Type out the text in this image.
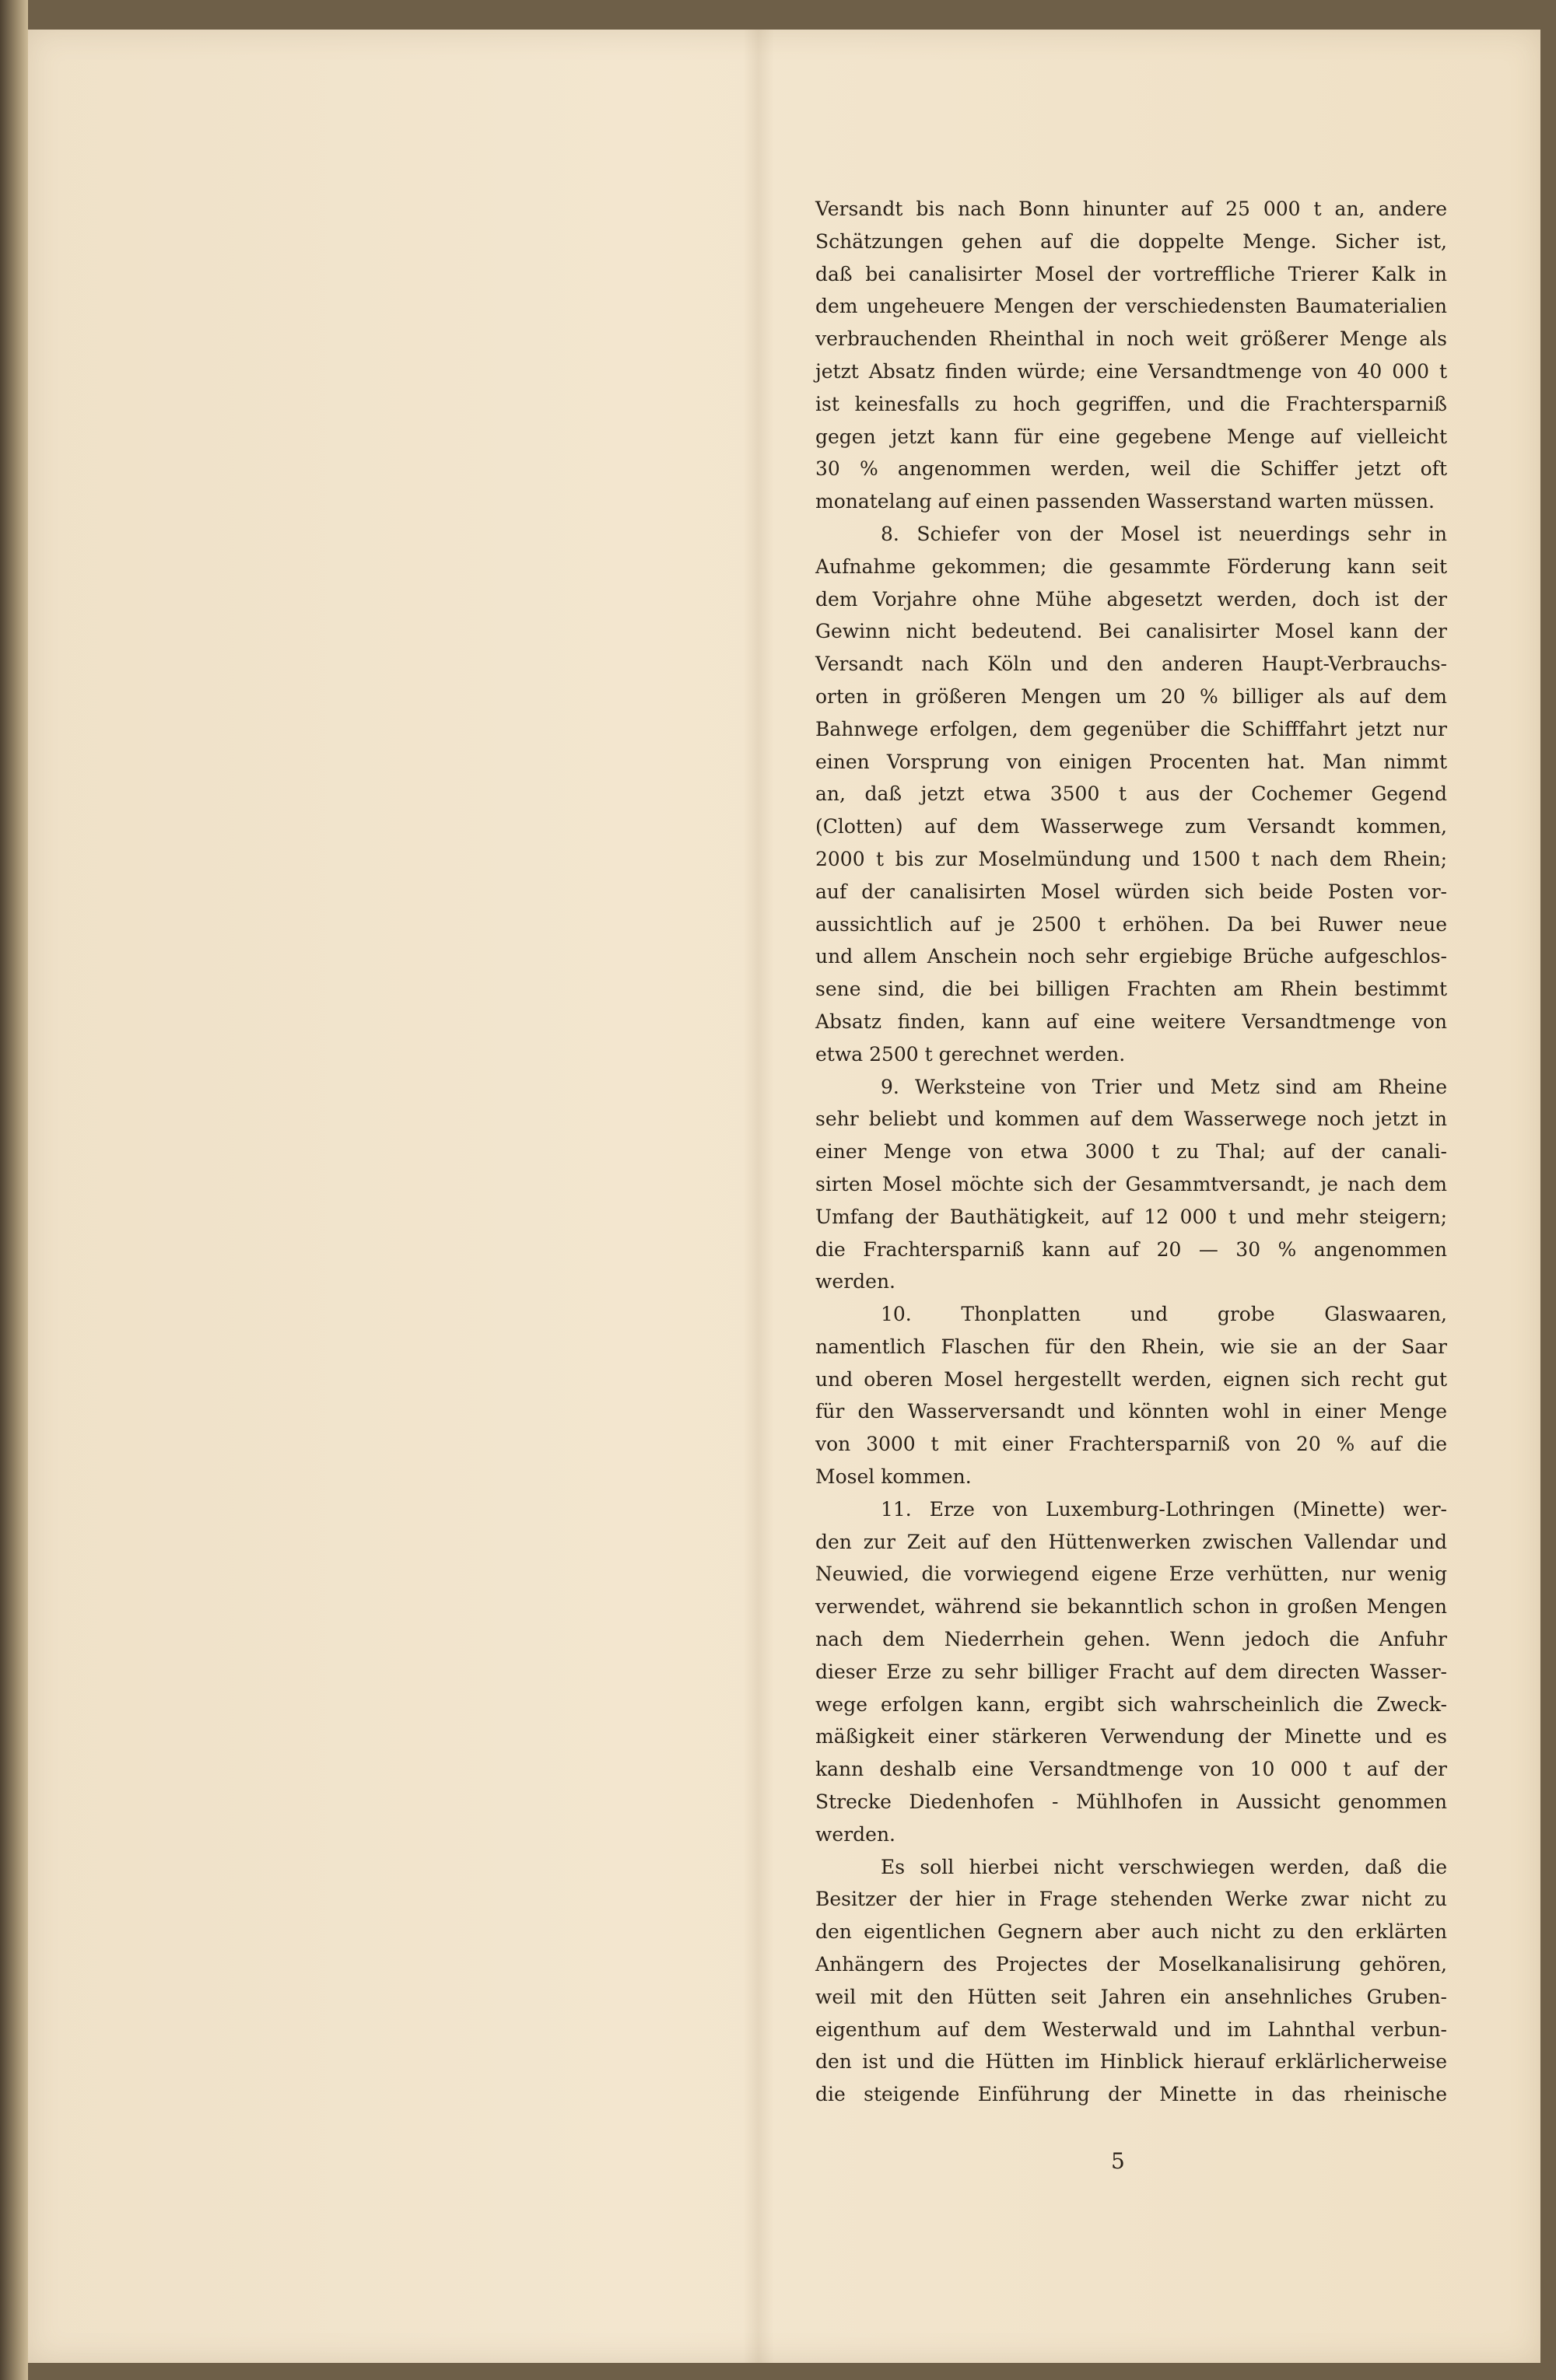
Versandt bis nach Bonn hinunter auf 25 000 t an, andere
Schätzungen gehen auf die doppelte Menge. Sicher ist,
daß bei canalisirter Mosel der vortreffliche Trierer Kalk in
dem ungeheuere Mengen der verschiedensten Baumaterialien
verbrauchenden Rheinthal in noch weit größerer Menge als
jetzt Absatz finden würde; eine Versandtmenge von 40 000 t
ist keinesfalls zu hoch gegriffen, und die Frachtersparniß
gegen jetzt kann für eine gegebene Menge auf vielleicht
30 % angenommen werden, weil die Schiffer jetzt oft
monatelang auf einen passenden Wasserstand warten müssen.
8. Schiefer von der Mosel ist neuerdings sehr in
Aufnahme gekommen; die gesammte Förderung kann seit
dem Vorjahre ohne Mühe abgesetzt werden, doch ist der
Gewinn nicht bedeutend. Bei canalisirter Mosel kann der
Versandt nach Köln und den anderen Haupt-Verbrauchs-
orten in größeren Mengen um 20 % billiger als auf dem
Bahnwege erfolgen, dem gegenüber die Schifffahrt jetzt nur
einen Vorsprung von einigen Procenten hat. Man nimmt
an, daß jetzt etwa 3500 t aus der Cochemer Gegend
(Clotten) auf dem Wasserwege zum Versandt kommen,
2000 t bis zur Moselmündung und 1500 t nach dem Rhein;
auf der canalisirten Mosel würden sich beide Posten vor-
aussichtlich auf je 2500 t erhöhen. Da bei Ruwer neue
und allem Anschein noch sehr ergiebige Brüche aufgeschlos-
sene sind, die bei billigen Frachten am Rhein bestimmt
Absatz finden, kann auf eine weitere Versandtmenge von
etwa 2500 t gerechnet werden.
9. Werksteine von Trier und Metz sind am Rheine
sehr beliebt und kommen auf dem Wasserwege noch jetzt in
einer Menge von etwa 3000 t zu Thal; auf der canali-
sirten Mosel möchte sich der Gesammtversandt, je nach dem
Umfang der Bauthätigkeit, auf 12 000 t und mehr steigern;
die Frachtersparniß kann auf 20 — 30 % angenommen
werden.
10. Thonplatten und grobe Glaswaaren,
namentlich Flaschen für den Rhein, wie sie an der Saar
und oberen Mosel hergestellt werden, eignen sich recht gut
für den Wasserversandt und könnten wohl in einer Menge
von 3000 t mit einer Frachtersparniß von 20 % auf die
Mosel kommen.
11. Erze von Luxemburg-Lothringen (Minette) wer-
den zur Zeit auf den Hüttenwerken zwischen Vallendar und
Neuwied, die vorwiegend eigene Erze verhütten, nur wenig
verwendet, während sie bekanntlich schon in großen Mengen
nach dem Niederrhein gehen. Wenn jedoch die Anfuhr
dieser Erze zu sehr billiger Fracht auf dem directen Wasser-
wege erfolgen kann, ergibt sich wahrscheinlich die Zweck-
mäßigkeit einer stärkeren Verwendung der Minette und es
kann deshalb eine Versandtmenge von 10 000 t auf der
Strecke Diedenhofen - Mühlhofen in Aussicht genommen
werden.
Es soll hierbei nicht verschwiegen werden, daß die
Besitzer der hier in Frage stehenden Werke zwar nicht zu
den eigentlichen Gegnern aber auch nicht zu den erklärten
Anhängern des Projectes der Moselkanalisirung gehören,
weil mit den Hütten seit Jahren ein ansehnliches Gruben-
eigenthum auf dem Westerwald und im Lahnthal verbun-
den ist und die Hütten im Hinblick hierauf erklärlicherweise
die steigende Einführung der Minette in das rheinische
5
